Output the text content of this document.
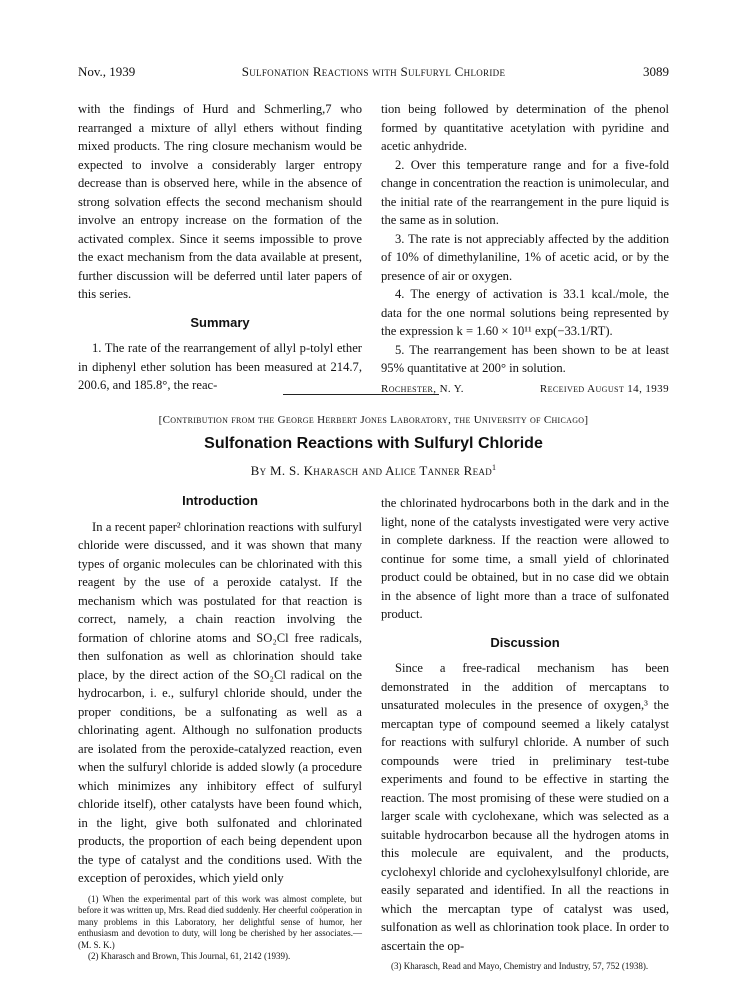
Nov., 1939	Sulfonation Reactions with Sulfuryl Chloride	3089

with the findings of Hurd and Schmerling,7 who rearranged a mixture of allyl ethers without finding mixed products. The ring closure mechanism would be expected to involve a considerably larger entropy decrease than is observed here, while in the absence of strong solvation effects the second mechanism should involve an entropy increase on the formation of the activated complex. Since it seems impossible to prove the exact mechanism from the data available at present, further discussion will be deferred until later papers of this series.

Summary

1. The rate of the rearrangement of allyl p-tolyl ether in diphenyl ether solution has been measured at 214.7, 200.6, and 185.8°, the reac-

tion being followed by determination of the phenol formed by quantitative acetylation with pyridine and acetic anhydride.

2. Over this temperature range and for a five-fold change in concentration the reaction is unimolecular, and the initial rate of the rearrangement in the pure liquid is the same as in solution.

3. The rate is not appreciably affected by the addition of 10% of dimethylaniline, 1% of acetic acid, or by the presence of air or oxygen.

4. The energy of activation is 33.1 kcal./mole, the data for the one normal solutions being represented by the expression k = 1.60 × 10¹¹ exp(−33.1/RT).

5. The rearrangement has been shown to be at least 95% quantitative at 200° in solution.

Rochester, N. Y.	Received August 14, 1939
[Contribution from the George Herbert Jones Laboratory, the University of Chicago]
Sulfonation Reactions with Sulfuryl Chloride
By M. S. Kharasch and Alice Tanner Read$^1$
Introduction

In a recent paper² chlorination reactions with sulfuryl chloride were discussed, and it was shown that many types of organic molecules can be chlorinated with this reagent by the use of a peroxide catalyst. If the mechanism which was postulated for that reaction is correct, namely, a chain reaction involving the formation of chlorine atoms and SO₂Cl free radicals, then sulfonation as well as chlorination should take place, by the direct action of the SO₂Cl radical on the hydrocarbon, i. e., sulfuryl chloride should, under the proper conditions, be a sulfonating as well as a chlorinating agent. Although no sulfonation products are isolated from the peroxide-catalyzed reaction, even when the sulfuryl chloride is added slowly (a procedure which minimizes any inhibitory effect of sulfuryl chloride itself), other catalysts have been found which, in the light, give both sulfonated and chlorinated products, the proportion of each being dependent upon the type of catalyst and the conditions used. With the exception of peroxides, which yield only

(1) When the experimental part of this work was almost complete, but before it was written up, Mrs. Read died suddenly. Her cheerful coöperation in many problems in this Laboratory, her delightful sense of humor, her enthusiasm and devotion to duty, will long be cherished by her associates.—(M. S. K.)
(2) Kharasch and Brown, This Journal, 61, 2142 (1939).

the chlorinated hydrocarbons both in the dark and in the light, none of the catalysts investigated were very active in complete darkness. If the reaction were allowed to continue for some time, a small yield of chlorinated product could be obtained, but in no case did we obtain in the absence of light more than a trace of sulfonated product.

Discussion

Since a free-radical mechanism has been demonstrated in the addition of mercaptans to unsaturated molecules in the presence of oxygen,³ the mercaptan type of compound seemed a likely catalyst for reactions with sulfuryl chloride. A number of such compounds were tried in preliminary test-tube experiments and found to be effective in starting the reaction. The most promising of these were studied on a larger scale with cyclohexane, which was selected as a suitable hydrocarbon because all the hydrogen atoms in this molecule are equivalent, and the products, cyclohexyl chloride and cyclohexylsulfonyl chloride, are easily separated and identified. In all the reactions in which the mercaptan type of catalyst was used, sulfonation as well as chlorination took place. In order to ascertain the op-

(3) Kharasch, Read and Mayo, Chemistry and Industry, 57, 752 (1938).
